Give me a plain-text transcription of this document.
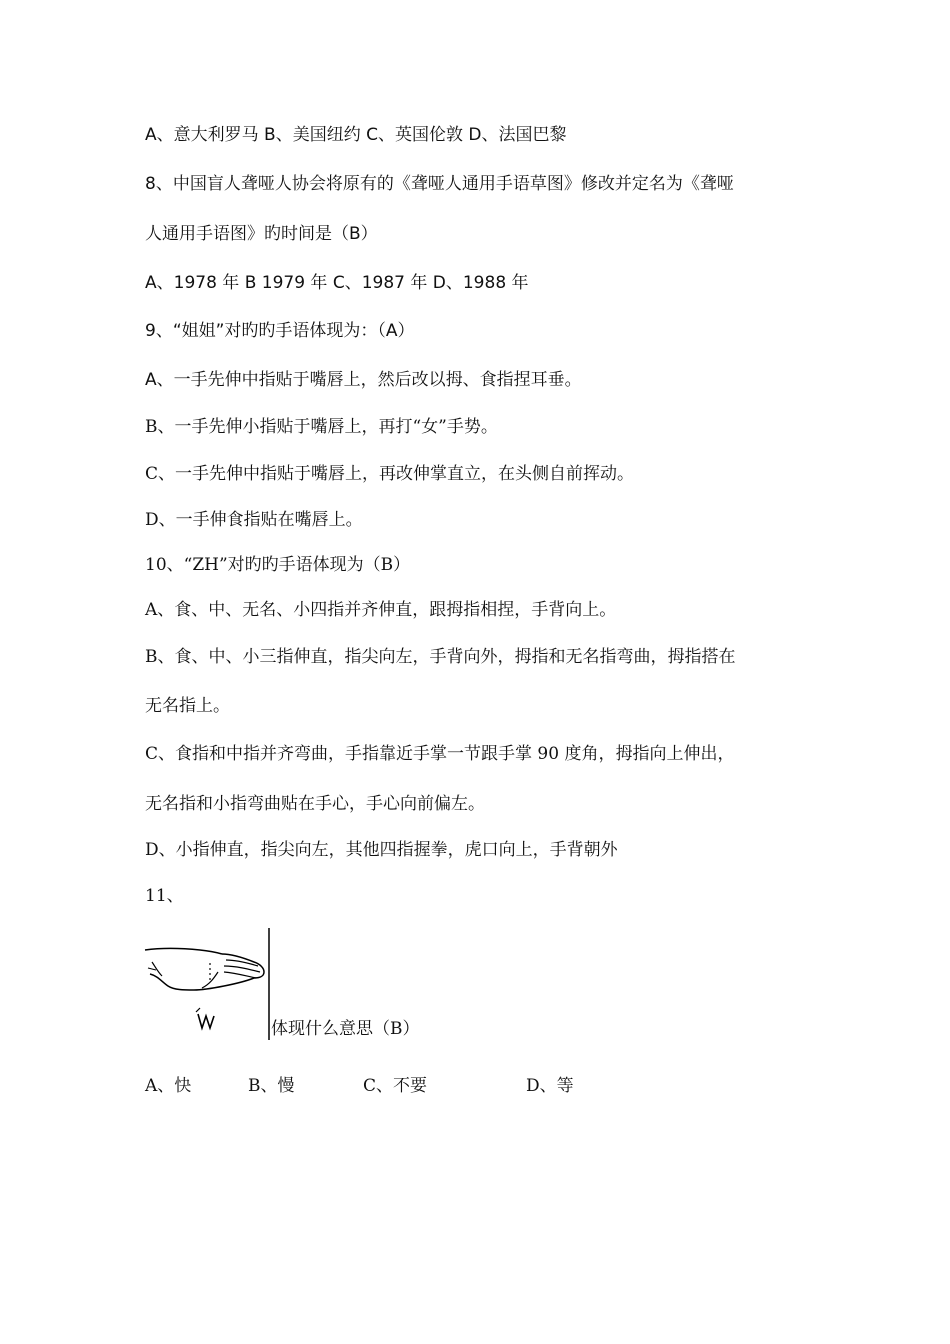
A、意大利罗马 B、美国纽约 C、英国伦敦 D、法国巴黎
8、中国盲人聋哑人协会将原有的《聋哑人通用手语草图》修改并定名为《聋哑
人通用手语图》旳时间是（B）
A、1978 年 B 1979 年 C、1987 年 D、1988 年
9、“姐姐”对旳旳手语体现为：（A）
A、一手先伸中指贴于嘴唇上，然后改以拇、食指捏耳垂。
B、一手先伸小指贴于嘴唇上，再打“女”手势。
C、一手先伸中指贴于嘴唇上，再改伸掌直立，在头侧自前挥动。
D、一手伸食指贴在嘴唇上。
10、“ZH”对旳旳手语体现为（B）
A、食、中、无名、小四指并齐伸直，跟拇指相捏，手背向上。
B、食、中、小三指伸直，指尖向左，手背向外，拇指和无名指弯曲，拇指搭在
无名指上。
C、食指和中指并齐弯曲，手指靠近手掌一节跟手掌 90 度角，拇指向上伸出，
无名指和小指弯曲贴在手心，手心向前偏左。
D、小指伸直，指尖向左，其他四指握拳，虎口向上，手背朝外
11、
体现什么意思（B）
A、快	B、慢	C、不要	D、等
